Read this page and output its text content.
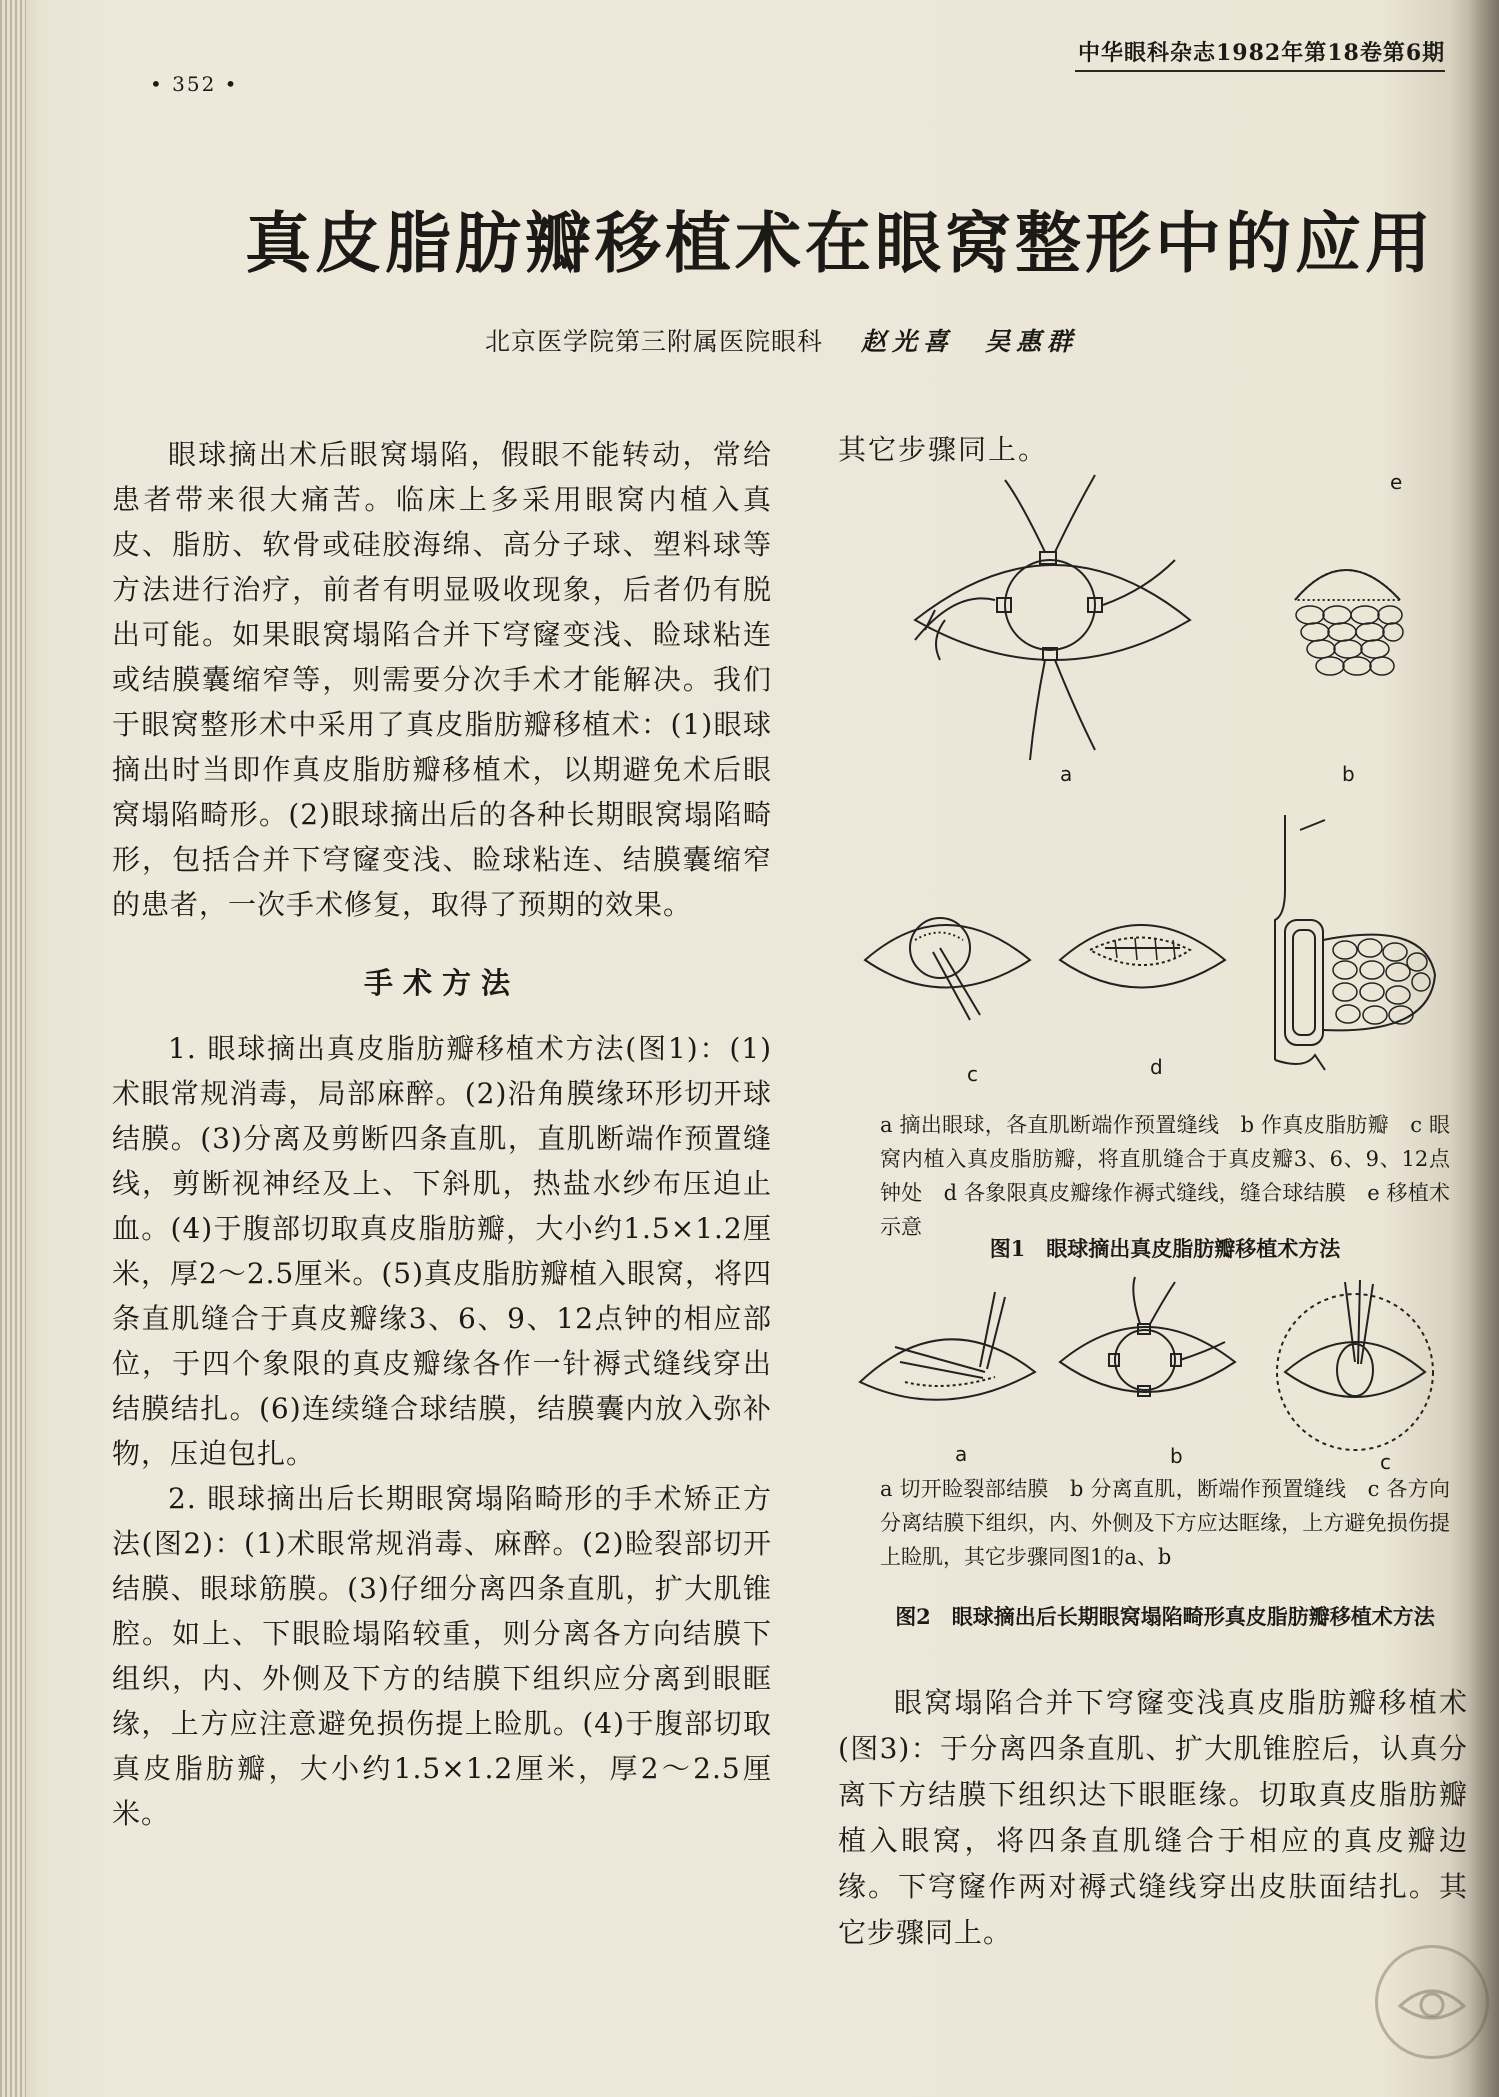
• 352 •
中华眼科杂志1982年第18卷第6期
真皮脂肪瓣移植术在眼窝整形中的应用
北京医学院第三附属医院眼科 赵光喜　吴惠群

眼球摘出术后眼窝塌陷，假眼不能转动，常给患者带来很大痛苦。临床上多采用眼窝内植入真皮、脂肪、软骨或硅胶海绵、高分子球、塑料球等方法进行治疗，前者有明显吸收现象，后者仍有脱出可能。如果眼窝塌陷合并下穹窿变浅、睑球粘连或结膜囊缩窄等，则需要分次手术才能解决。我们于眼窝整形术中采用了真皮脂肪瓣移植术：(1)眼球摘出时当即作真皮脂肪瓣移植术，以期避免术后眼窝塌陷畸形。(2)眼球摘出后的各种长期眼窝塌陷畸形，包括合并下穹窿变浅、睑球粘连、结膜囊缩窄的患者，一次手术修复，取得了预期的效果。

手术方法

1. 眼球摘出真皮脂肪瓣移植术方法(图1)：(1)术眼常规消毒，局部麻醉。(2)沿角膜缘环形切开球结膜。(3)分离及剪断四条直肌，直肌断端作预置缝线，剪断视神经及上、下斜肌，热盐水纱布压迫止血。(4)于腹部切取真皮脂肪瓣，大小约1.5×1.2厘米，厚2～2.5厘米。(5)真皮脂肪瓣植入眼窝，将四条直肌缝合于真皮瓣缘3、6、9、12点钟的相应部位，于四个象限的真皮瓣缘各作一针褥式缝线穿出结膜结扎。(6)连续缝合球结膜，结膜囊内放入弥补物，压迫包扎。

2. 眼球摘出后长期眼窝塌陷畸形的手术矫正方法(图2)：(1)术眼常规消毒、麻醉。(2)睑裂部切开结膜、眼球筋膜。(3)仔细分离四条直肌，扩大肌锥腔。如上、下眼睑塌陷较重，则分离各方向结膜下组织，内、外侧及下方的结膜下组织应分离到眼眶缘，上方应注意避免损伤提上睑肌。(4)于腹部切取真皮脂肪瓣，大小约1.5×1.2厘米，厚2～2.5厘米。

其它步骤同上。
a	b
c	d
e
a 摘出眼球，各直肌断端作预置缝线　b 作真皮脂肪瓣　c 眼窝内植入真皮脂肪瓣，将直肌缝合于真皮瓣3、6、9、12点钟处　d 各象限真皮瓣缘作褥式缝线，缝合球结膜　e 移植术示意
图1　眼球摘出真皮脂肪瓣移植术方法
a	b	c
a 切开睑裂部结膜　b 分离直肌，断端作预置缝线　c 各方向分离结膜下组织，内、外侧及下方应达眶缘，上方避免损伤提上睑肌，其它步骤同图1的a、b
图2　眼球摘出后长期眼窝塌陷畸形真皮脂肪瓣移植术方法

眼窝塌陷合并下穹窿变浅真皮脂肪瓣移植术(图3)：于分离四条直肌、扩大肌锥腔后，认真分离下方结膜下组织达下眼眶缘。切取真皮脂肪瓣植入眼窝，将四条直肌缝合于相应的真皮瓣边缘。下穹窿作两对褥式缝线穿出皮肤面结扎。其它步骤同上。
